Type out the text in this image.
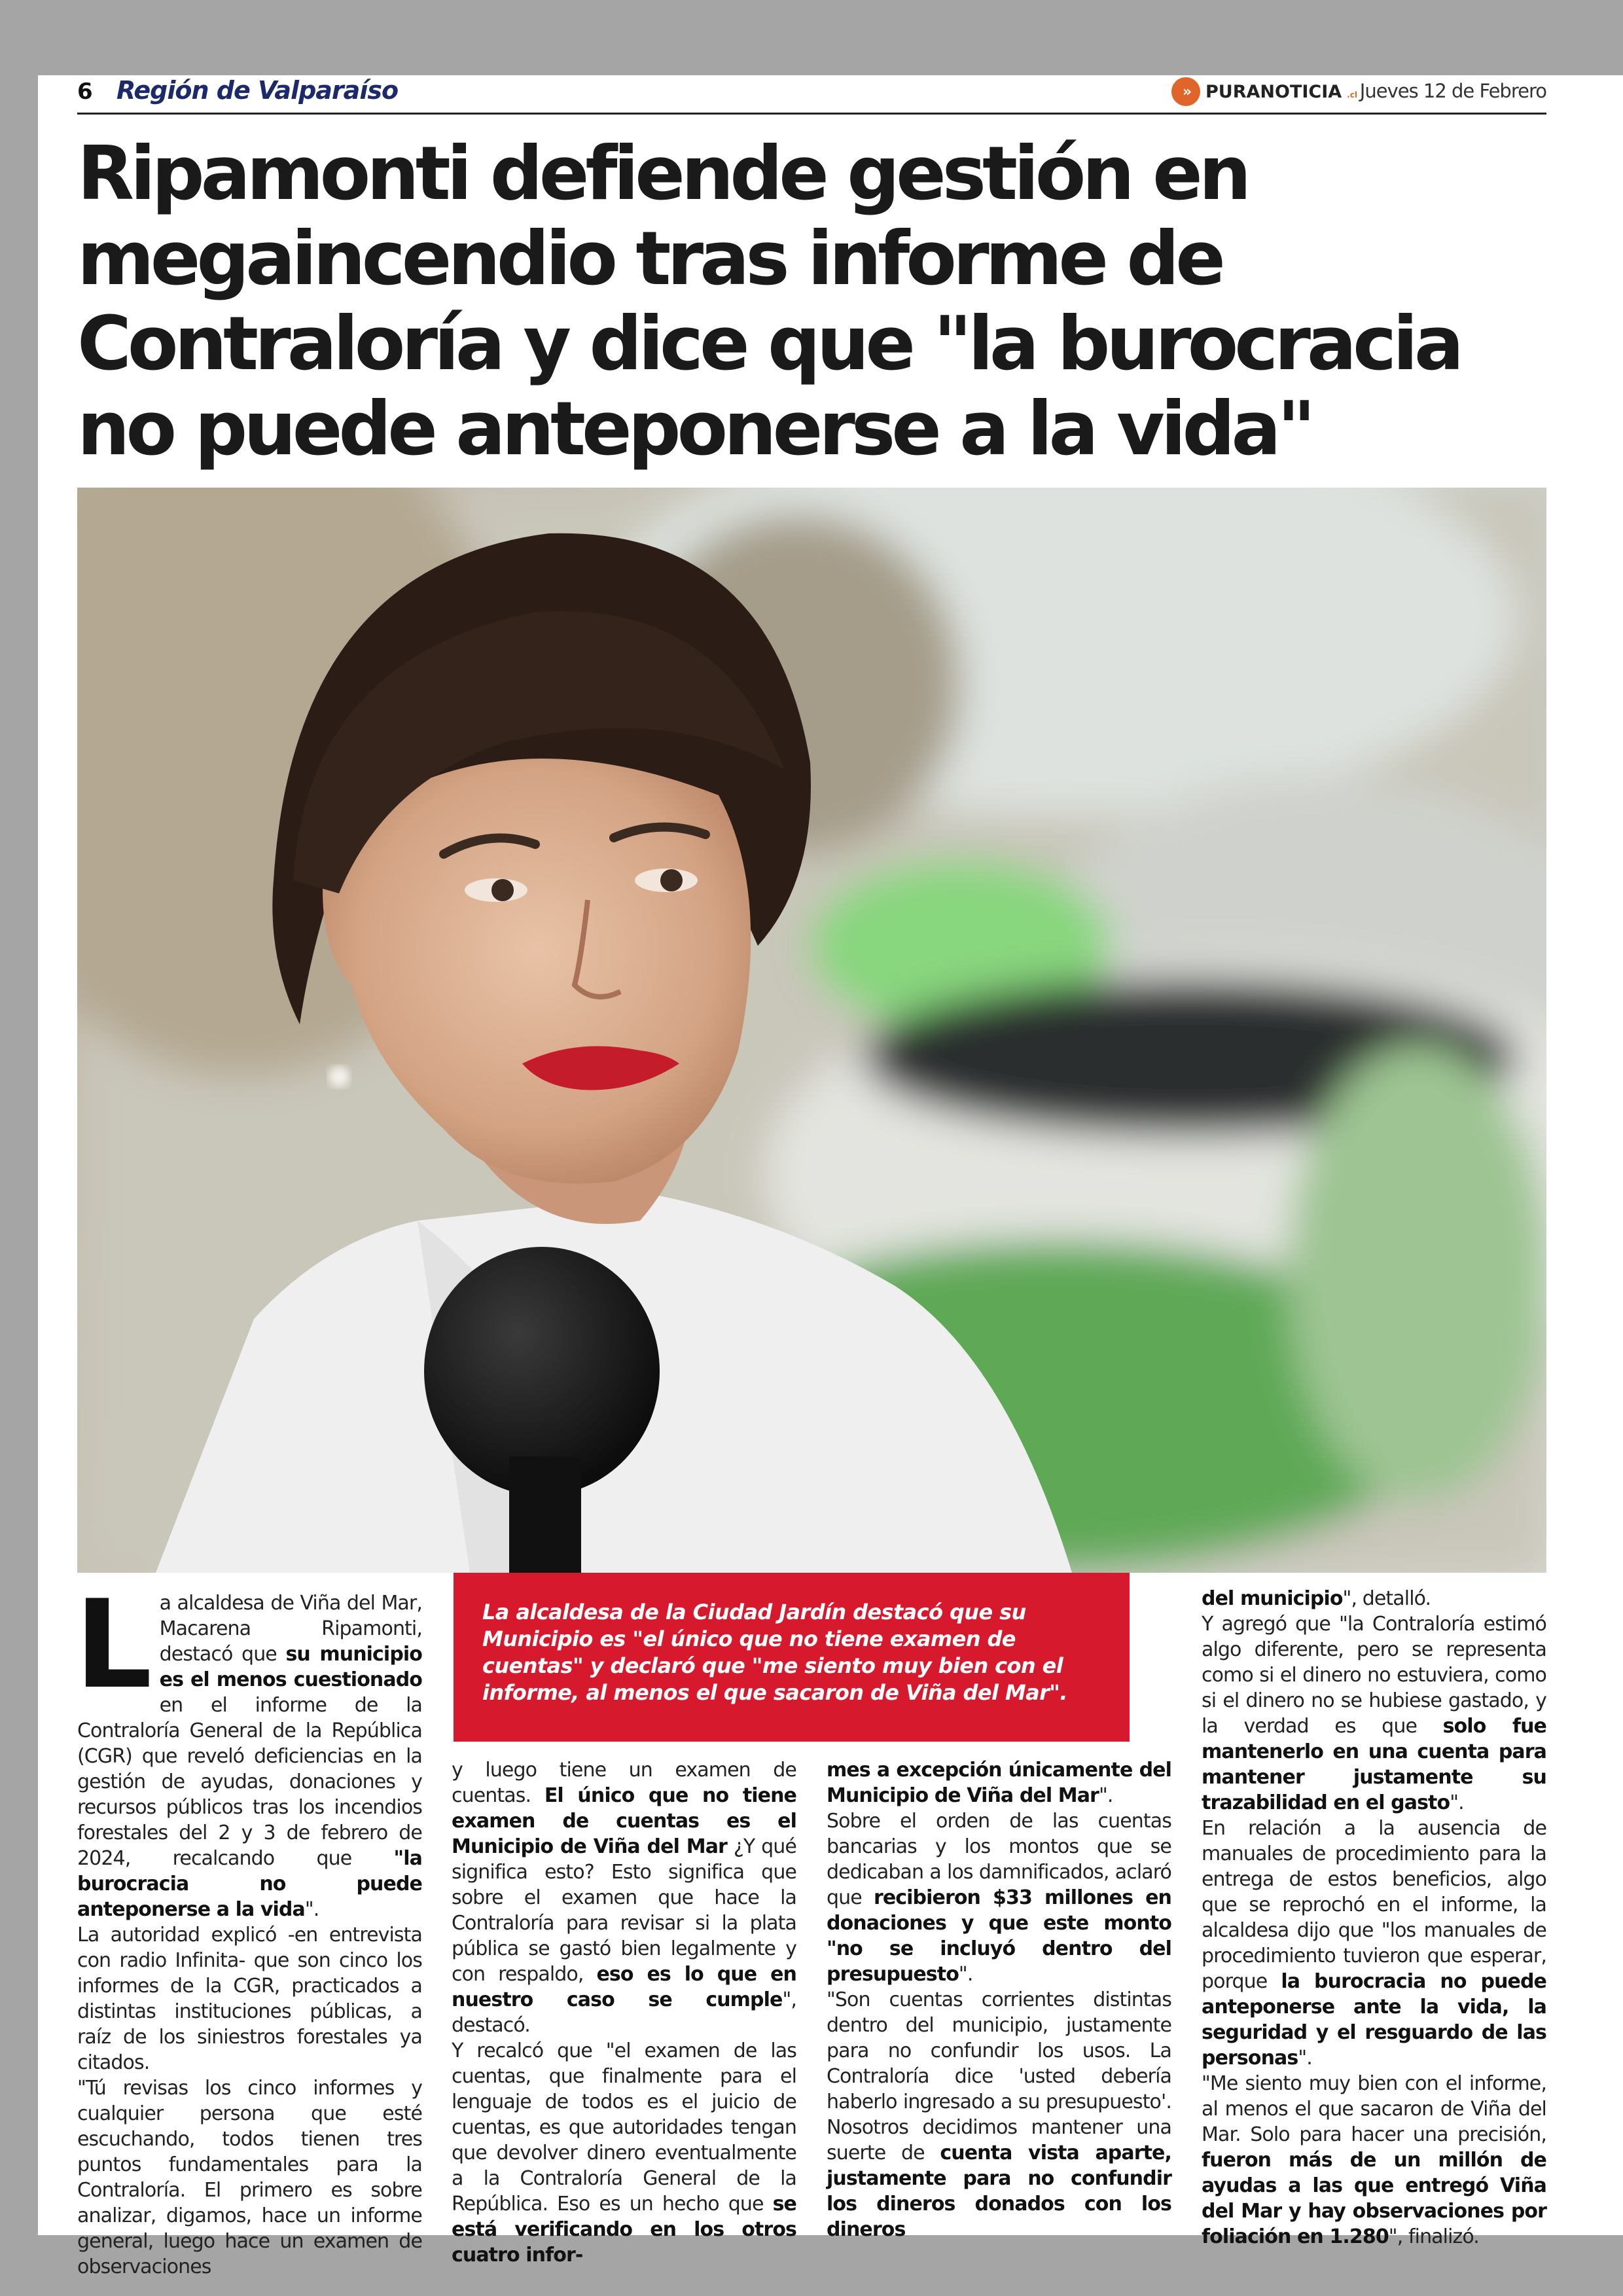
6 Región de Valparaíso	›› PURANOTICIA .cl Jueves 12 de Febrero
Ripamonti defiende gestión en megaincendio tras informe de Contraloría y dice que "la burocracia no puede anteponerse a la vida"

La alcaldesa de la Ciudad Jardín destacó que su Municipio es "el único que no tiene examen de cuentas" y declaró que "me siento muy bien con el informe, al menos el que sacaron de Viña del Mar".

L a alcaldesa de Viña del Mar, Macarena Ripamonti, destacó que su municipio es el menos cuestionado en el informe de la Contraloría General de la República (CGR) que reveló deficiencias en la gestión de ayudas, donaciones y recursos públicos tras los incendios forestales del 2 y 3 de febrero de 2024, recalcando que "la burocracia no puede anteponerse a la vida".

La autoridad explicó -en entrevista con radio Infinita- que son cinco los informes de la CGR, practicados a distintas instituciones públicas, a raíz de los siniestros forestales ya citados.

"Tú revisas los cinco informes y cualquier persona que esté escuchando, todos tienen tres puntos fundamentales para la Contraloría. El primero es sobre analizar, digamos, hace un informe general, luego hace un examen de observaciones

y luego tiene un examen de cuentas. El único que no tiene examen de cuentas es el Municipio de Viña del Mar ¿Y qué significa esto? Esto significa que sobre el examen que hace la Contraloría para revisar si la plata pública se gastó bien legalmente y con respaldo, eso es lo que en nuestro caso se cumple", destacó.

Y recalcó que "el examen de las cuentas, que finalmente para el lenguaje de todos es el juicio de cuentas, es que autoridades tengan que devolver dinero eventualmente a la Contraloría General de la República. Eso es un hecho que se está verificando en los otros cuatro infor-

mes a excepción únicamente del Municipio de Viña del Mar".

Sobre el orden de las cuentas bancarias y los montos que se dedicaban a los damnificados, aclaró que recibieron $33 millones en donaciones y que este monto "no se incluyó dentro del presupuesto".

"Son cuentas corrientes distintas dentro del municipio, justamente para no confundir los usos. La Contraloría dice 'usted debería haberlo ingresado a su presupuesto'. Nosotros decidimos mantener una suerte de cuenta vista aparte, justamente para no confundir los dineros donados con los dineros

del municipio", detalló.

Y agregó que "la Contraloría estimó algo diferente, pero se representa como si el dinero no estuviera, como si el dinero no se hubiese gastado, y la verdad es que solo fue mantenerlo en una cuenta para mantener justamente su trazabilidad en el gasto".

En relación a la ausencia de manuales de procedimiento para la entrega de estos beneficios, algo que se reprochó en el informe, la alcaldesa dijo que "los manuales de procedimiento tuvieron que esperar, porque la burocracia no puede anteponerse ante la vida, la seguridad y el resguardo de las personas".

"Me siento muy bien con el informe, al menos el que sacaron de Viña del Mar. Solo para hacer una precisión, fueron más de un millón de ayudas a las que entregó Viña del Mar y hay observaciones por foliación en 1.280", finalizó.
